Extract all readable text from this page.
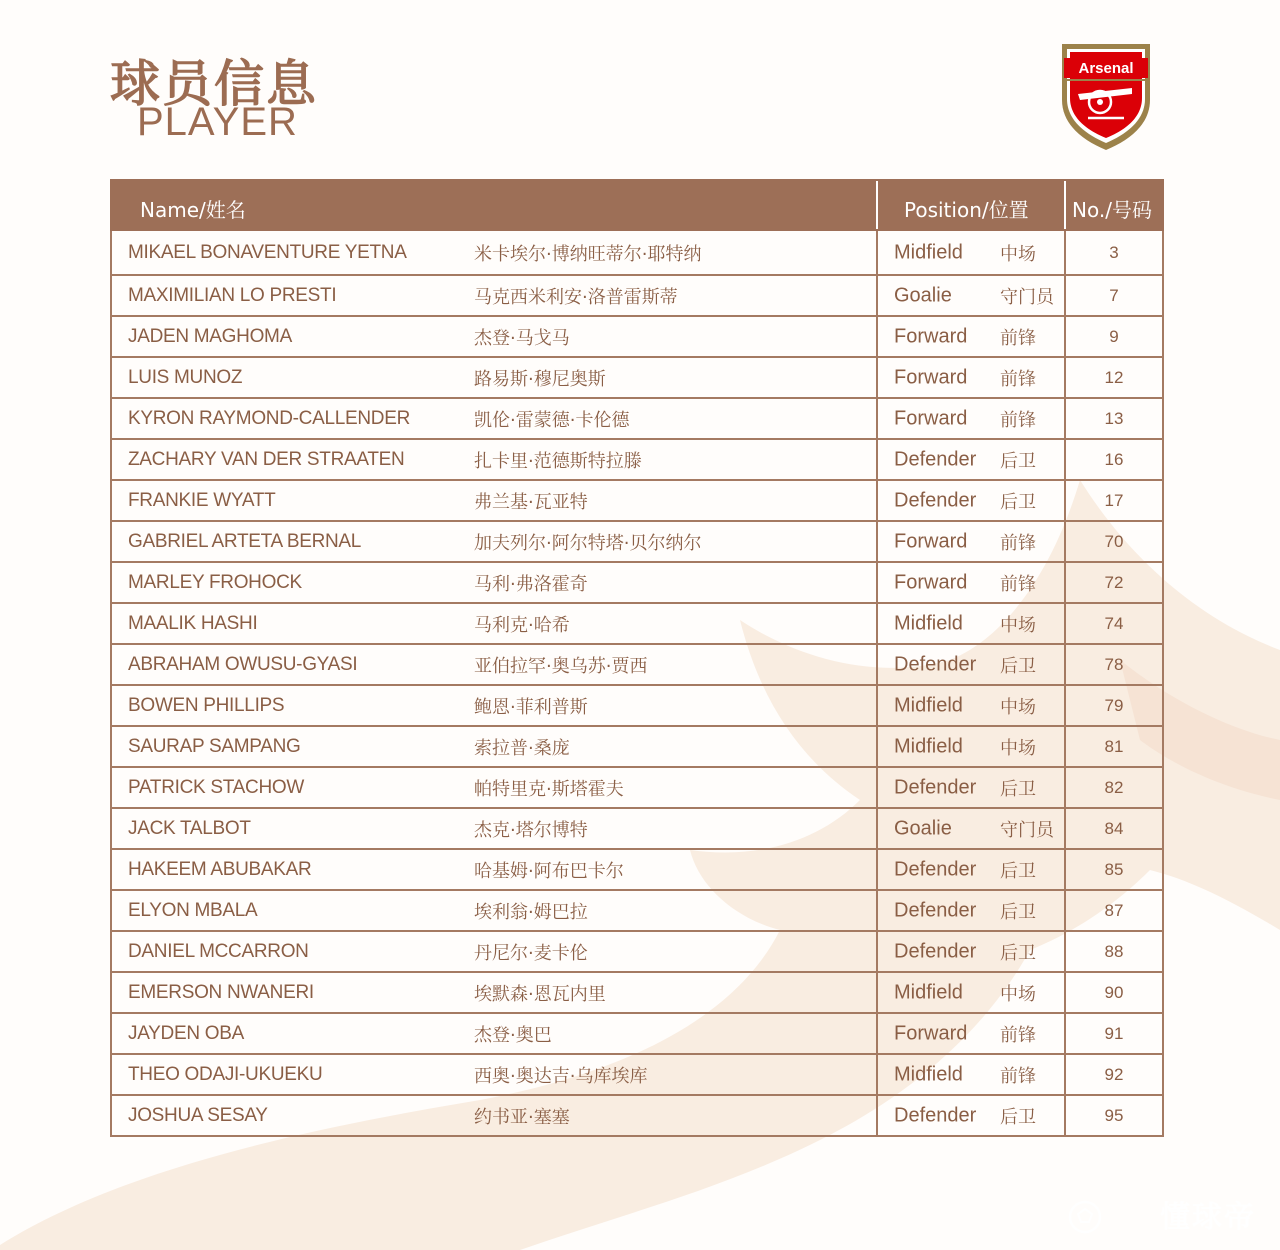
球员信息
PLAYER
Arsenal
Name/姓名	Position/位置 No./号码
MIKAEL BONAVENTURE YETNA	米卡埃尔·博纳旺蒂尔·耶特纳	Midfield 中场	3
MAXIMILIAN LO PRESTI	马克西米利安·洛普雷斯蒂	Goalie	守门员	7
JADEN MAGHOMA	杰登·马戈马	Forward 前锋	9
LUIS MUNOZ	路易斯·穆尼奥斯	Forward 前锋	12
KYRON RAYMOND-CALLENDER	凯伦·雷蒙德·卡伦德	Forward 前锋	13
ZACHARY VAN DER STRAATEN	扎卡里·范德斯特拉滕	Defender 后卫	16
FRANKIE WYATT	弗兰基·瓦亚特	Defender 后卫	17
GABRIEL ARTETA BERNAL	加夫列尔·阿尔特塔·贝尔纳尔	Forward 前锋	70
MARLEY FROHOCK	马利·弗洛霍奇	Forward 前锋	72
MAALIK HASHI	马利克·哈希	Midfield 中场	74
ABRAHAM OWUSU-GYASI	亚伯拉罕·奥乌苏·贾西	Defender 后卫	78
BOWEN PHILLIPS	鲍恩·菲利普斯	Midfield 中场	79
SAURAP SAMPANG	索拉普·桑庞	Midfield 中场	81
PATRICK STACHOW	帕特里克·斯塔霍夫	Defender 后卫	82
JACK TALBOT	杰克·塔尔博特	Goalie	守门员	84
HAKEEM ABUBAKAR	哈基姆·阿布巴卡尔	Defender 后卫	85
ELYON MBALA	埃利翁·姆巴拉	Defender 后卫	87
DANIEL MCCARRON	丹尼尔·麦卡伦	Defender 后卫	88
EMERSON NWANERI	埃默森·恩瓦内里	Midfield 中场	90
JAYDEN OBA	杰登·奥巴	Forward 前锋	91
THEO ODAJI-UKUEKU	西奥·奥达吉·乌库埃库	Midfield 前锋	92
JOSHUA SESAY	约书亚·塞塞	Defender 后卫	95
懂球帝
